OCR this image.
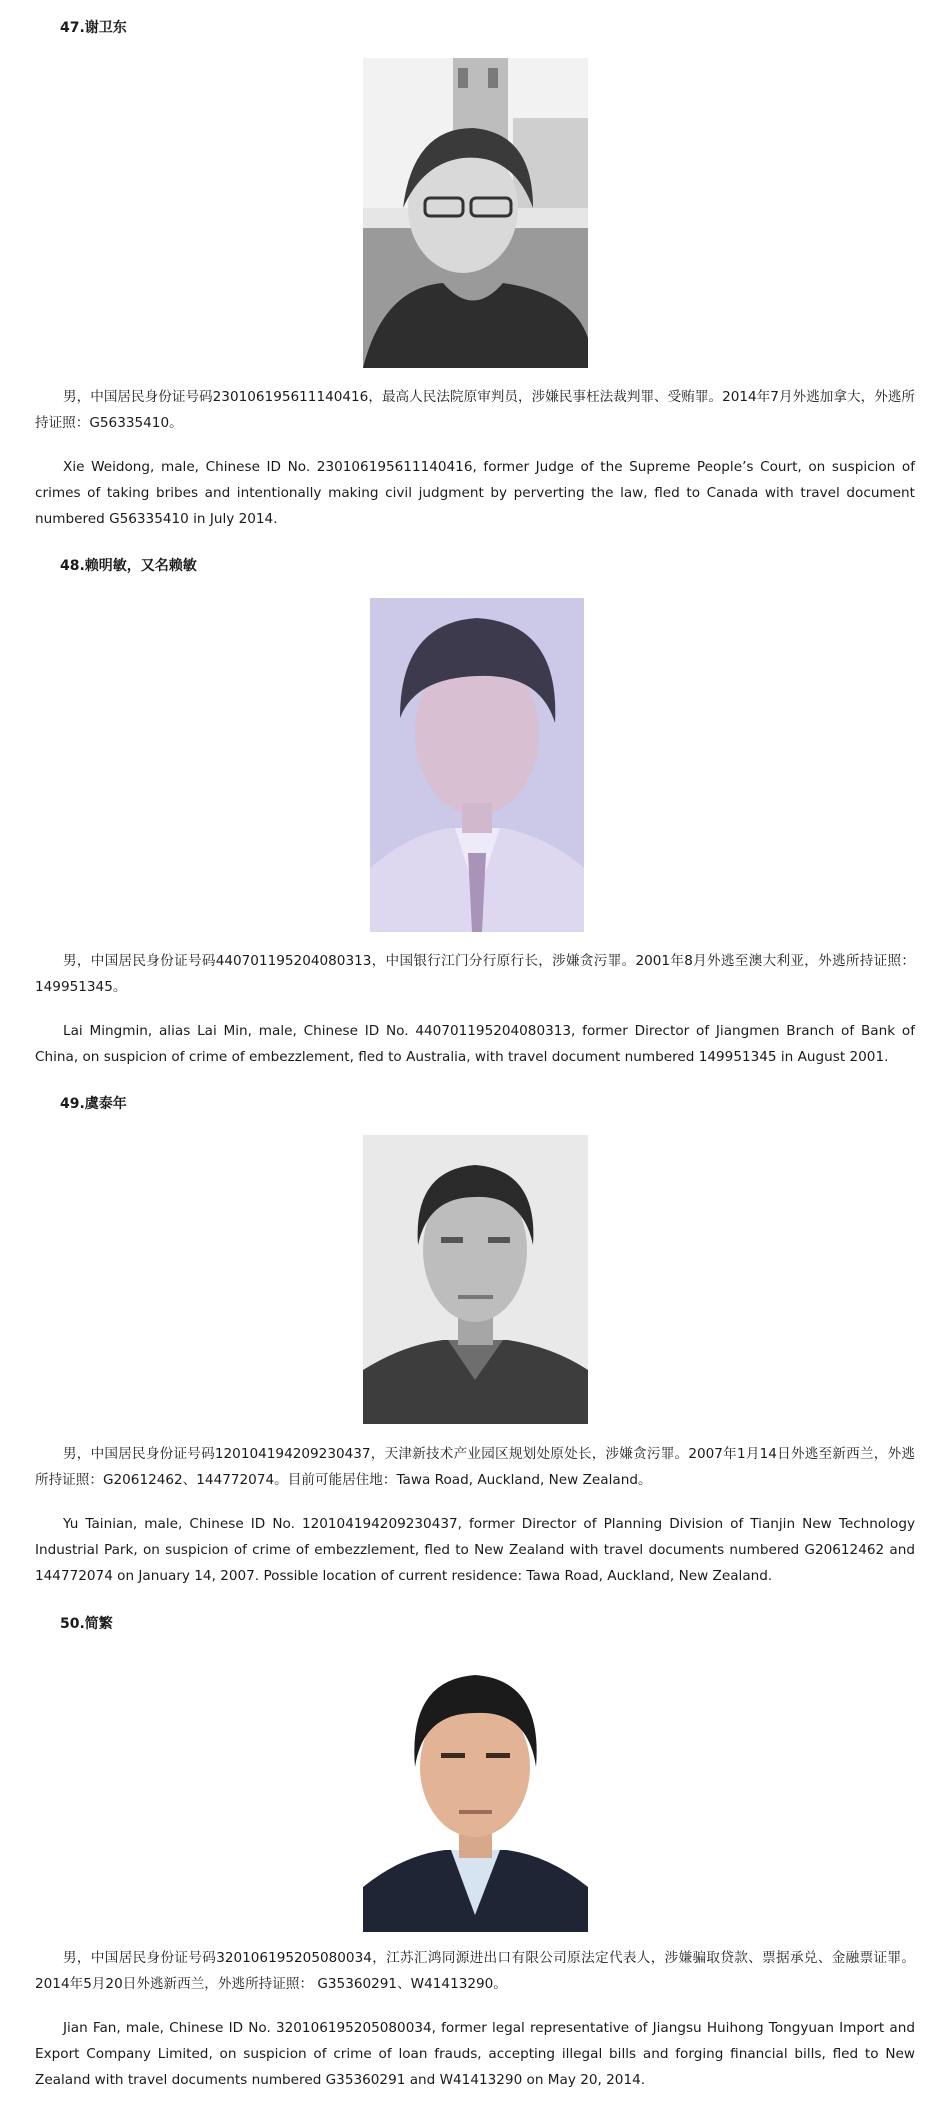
47.谢卫东
男，中国居民身份证号码230106195611140416，最高人民法院原审判员，涉嫌民事枉法裁判罪、受贿罪。2014年7月外逃加拿大，外逃所持证照：G56335410。
Xie Weidong, male, Chinese ID No. 230106195611140416, former Judge of the Supreme People’s Court, on suspicion of crimes of taking bribes and intentionally making civil judgment by perverting the law, fled to Canada with travel document numbered G56335410 in July 2014.
48.赖明敏，又名赖敏
男，中国居民身份证号码440701195204080313，中国银行江门分行原行长，涉嫌贪污罪。2001年8月外逃至澳大利亚，外逃所持证照：149951345。
Lai Mingmin, alias Lai Min, male, Chinese ID No. 440701195204080313, former Director of Jiangmen Branch of Bank of China, on suspicion of crime of embezzlement, fled to Australia, with travel document numbered 149951345 in August 2001.
49.虞泰年
男，中国居民身份证号码120104194209230437，天津新技术产业园区规划处原处长，涉嫌贪污罪。2007年1月14日外逃至新西兰，外逃所持证照：G20612462、144772074。目前可能居住地：Tawa Road, Auckland, New Zealand。
Yu Tainian, male, Chinese ID No. 120104194209230437, former Director of Planning Division of Tianjin New Technology Industrial Park, on suspicion of crime of embezzlement, fled to New Zealand with travel documents numbered G20612462 and 144772074 on January 14, 2007. Possible location of current residence: Tawa Road, Auckland, New Zealand.
50.简繁
男，中国居民身份证号码320106195205080034，江苏汇鸿同源进出口有限公司原法定代表人，涉嫌骗取贷款、票据承兑、金融票证罪。2014年5月20日外逃新西兰，外逃所持证照： G35360291、W41413290。
Jian Fan, male, Chinese ID No. 320106195205080034, former legal representative of Jiangsu Huihong Tongyuan Import and Export Company Limited, on suspicion of crime of loan frauds, accepting illegal bills and forging financial bills, fled to New Zealand with travel documents numbered G35360291 and W41413290 on May 20, 2014.
